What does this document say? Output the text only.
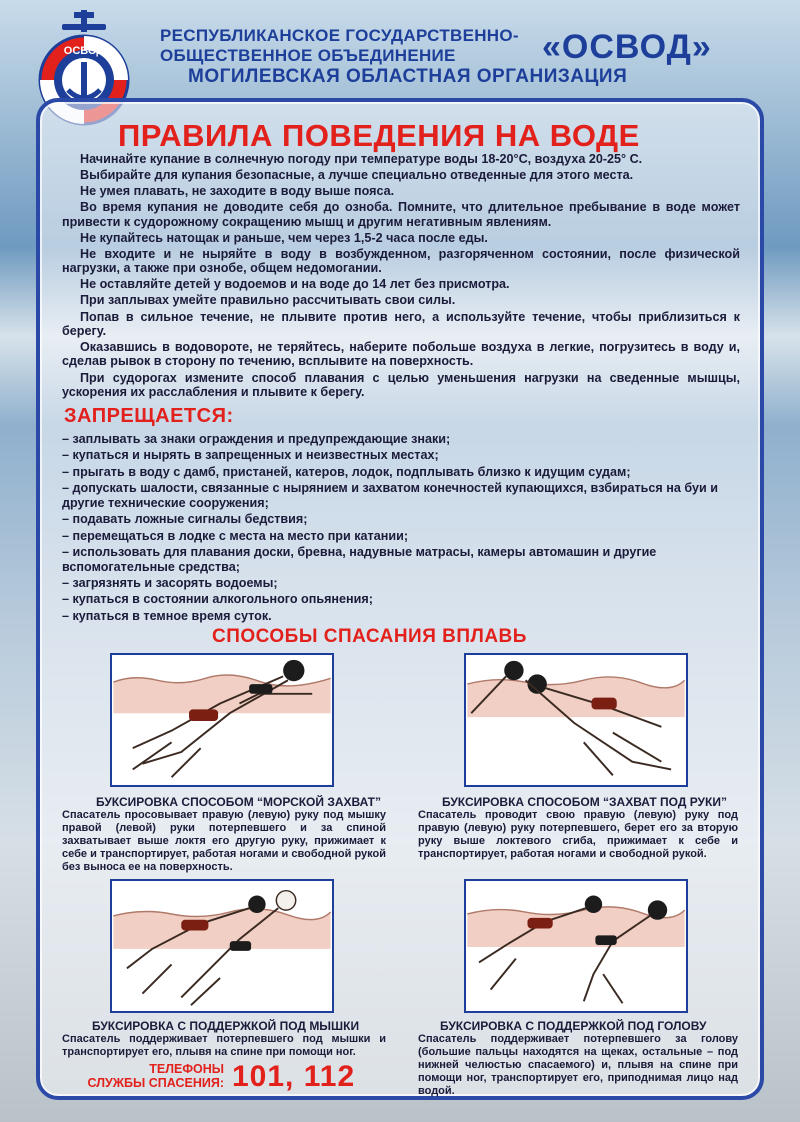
ОСВОД
РЕСПУБЛИКАНСКОЕ ГОСУДАРСТВЕННО-
ОБЩЕСТВЕННОЕ ОБЪЕДИНЕНИЕ	«ОСВОД»
МОГИЛЕВСКАЯ ОБЛАСТНАЯ ОРГАНИЗАЦИЯ
ПРАВИЛА ПОВЕДЕНИЯ НА ВОДЕ

Начинайте купание в солнечную погоду при температуре воды 18-20°С, воздуха 20-25° С.

Выбирайте для купания безопасные, а лучше специально отведенные для этого места.

Не умея плавать, не заходите в воду выше пояса.

Во время купания не доводите себя до озноба. Помните, что длительное пребывание в воде может привести к судорожному сокращению мышц и другим негативным явлениям.

Не купайтесь натощак и раньше, чем через 1,5-2 часа после еды.

Не входите и не ныряйте в воду в возбужденном, разгоряченном состоянии, после физической нагрузки, а также при ознобе, общем недомогании.

Не оставляйте детей у водоемов и на воде до 14 лет без присмотра.

При заплывах умейте правильно рассчитывать свои силы.

Попав в сильное течение, не плывите против него, а используйте течение, чтобы приблизиться к берегу.

Оказавшись в водовороте, не теряйтесь, наберите побольше воздуха в легкие, погрузитесь в воду и, сделав рывок в сторону по течению, всплывите на поверхность.

При судорогах измените способ плавания с целью уменьшения нагрузки на сведенные мышцы, ускорения их расслабления и плывите к берегу.

ЗАПРЕЩАЕТСЯ:
– заплывать за знаки ограждения и предупреждающие знаки;
– купаться и нырять в запрещенных и неизвестных местах;
– прыгать в воду с дамб, пристаней, катеров, лодок, подплывать близко к идущим судам;
– допускать шалости, связанные с нырянием и захватом конечностей купающихся, взбираться на буи и другие технические сооружения;
– подавать ложные сигналы бедствия;
– перемещаться в лодке с места на место при катании;
– использовать для плавания доски, бревна, надувные матрасы, камеры автомашин и другие вспомогательные средства;
– загрязнять и засорять водоемы;
– купаться в состоянии алкогольного опьянения;
– купаться в темное время суток.
СПОСОБЫ СПАСАНИЯ ВПЛАВЬ
БУКСИРОВКА СПОСОБОМ “МОРСКОЙ ЗАХВАТ”
Спасатель просовывает правую (левую) руку под мышку правой (левой) руки потерпевшего и за спиной захватывает выше локтя его другую руку, прижимает к себе и транспортирует, работая ногами и свободной рукой без выноса ее на поверхность.
БУКСИРОВКА СПОСОБОМ “ЗАХВАТ ПОД РУКИ”
Спасатель проводит свою правую (левую) руку под правую (левую) руку потерпевшего, берет его за вторую руку выше локтевого сгиба, прижимает к себе и транспортирует, работая ногами и свободной рукой.
БУКСИРОВКА С ПОДДЕРЖКОЙ ПОД МЫШКИ
Спасатель поддерживает потерпевшего под мышки и транспортирует его, плывя на спине при помощи ног.
БУКСИРОВКА С ПОДДЕРЖКОЙ ПОД ГОЛОВУ
Спасатель поддерживает потерпевшего за голову (большие пальцы находятся на щеках, остальные – под нижней челюстью спасаемого) и, плывя на спине при помощи ног, транспортирует его, приподнимая лицо над водой.
ТЕЛЕФОНЫ
СЛУЖБЫ СПАСЕНИЯ: 101, 112
